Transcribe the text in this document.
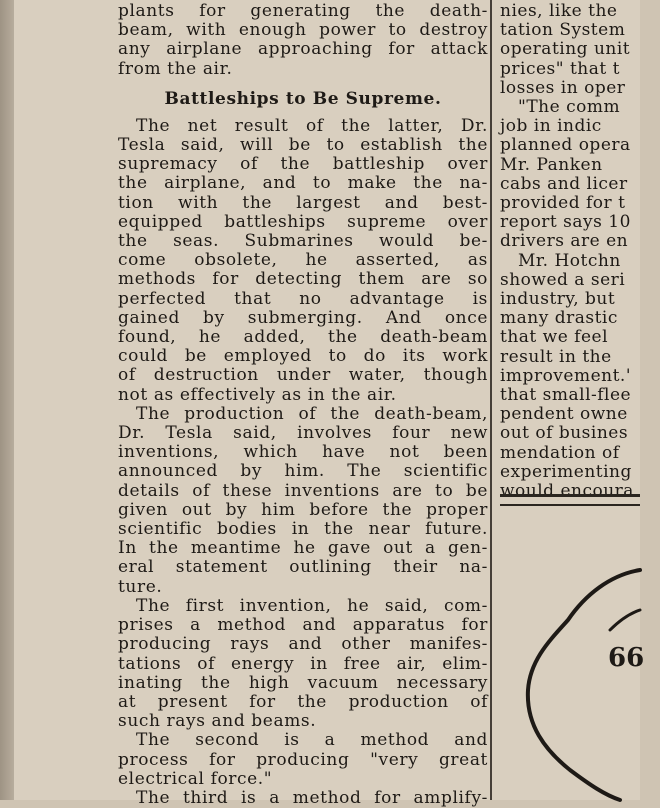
plants for generating the death-
beam, with enough power to destroy
any airplane approaching for attack
from the air.
Battleships to Be Supreme.
The net result of the latter, Dr.
Tesla said, will be to establish the
supremacy of the battleship over
the airplane, and to make the na-
tion with the largest and best-
equipped battleships supreme over
the seas. Submarines would be-
come obsolete, he asserted, as
methods for detecting them are so
perfected that no advantage is
gained by submerging. And once
found, he added, the death-beam
could be employed to do its work
of destruction under water, though
not as effectively as in the air.
The production of the death-beam,
Dr. Tesla said, involves four new
inventions, which have not been
announced by him. The scientific
details of these inventions are to be
given out by him before the proper
scientific bodies in the near future.
In the meantime he gave out a gen-
eral statement outlining their na-
ture.
The first invention, he said, com-
prises a method and apparatus for
producing rays and other manifes-
tations of energy in free air, elim-
inating the high vacuum necessary
at present for the production of
such rays and beams.
The second is a method and
process for producing "very great
electrical force."
The third is a method for amplify-
nies, like the
tation System
operating unit
prices" that t
losses in oper
"The comm
job in indic
planned opera
Mr. Panken
cabs and licer
provided for t
report says 10
drivers are en
Mr. Hotchn
showed a seri
industry, but
many drastic
that we feel
result in the
improvement.'
that small-flee
pendent owne
out of busines
mendation of
experimenting
would encoura
66
